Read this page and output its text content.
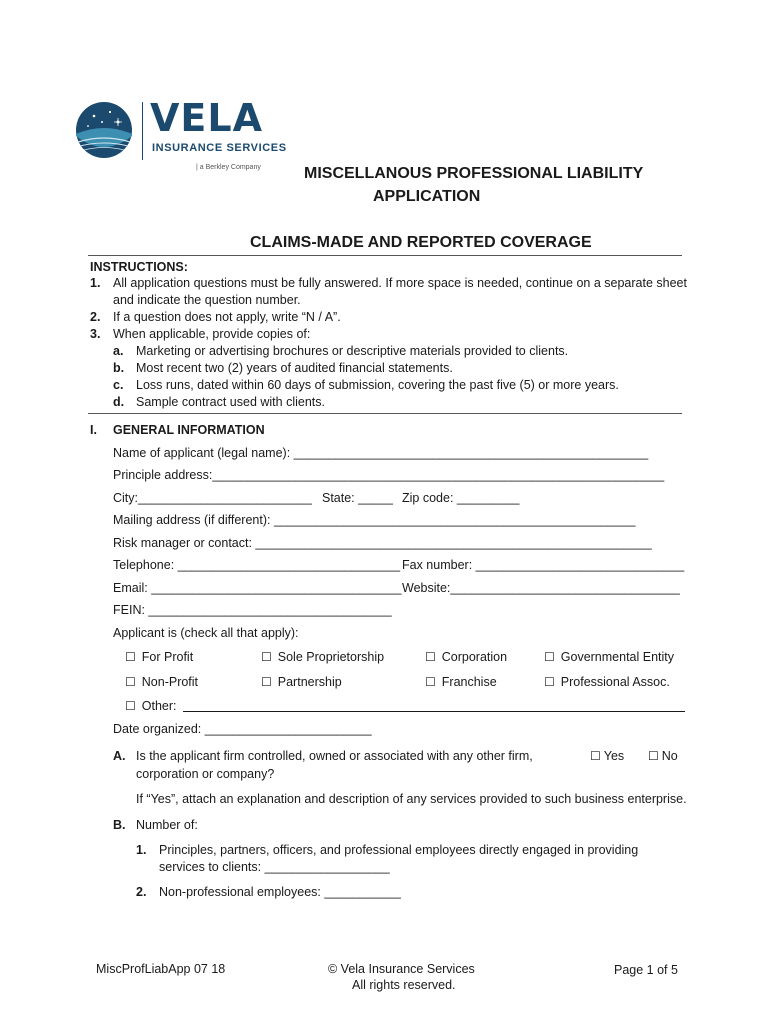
VELA
INSURANCE SERVICES
| a Berkley Company	MISCELLANOUS PROFESSIONAL LIABILITY
APPLICATION
CLAIMS-MADE AND REPORTED COVERAGE
INSTRUCTIONS:
1. All application questions must be fully answered. If more space is needed, continue on a separate sheet
and indicate the question number.
2. If a question does not apply, write “N / A”.
3. When applicable, provide copies of:
a. Marketing or advertising brochures or descriptive materials provided to clients.
b. Most recent two (2) years of audited financial statements.
c. Loss runs, dated within 60 days of submission, covering the past five (5) or more years.
d. Sample contract used with clients.
I. GENERAL INFORMATION
Name of applicant (legal name): ___________________________________________________
Principle address:_________________________________________________________________
City:_________________________ State: _____ Zip code: _________
Mailing address (if different): ____________________________________________________
Risk manager or contact: _________________________________________________________
Telephone: ________________________________ Fax number: ______________________________
Email: ____________________________________ Website:_________________________________
FEIN: ___________________________________
Applicant is (check all that apply):
☐ For Profit	☐ Sole Proprietorship	☐ Corporation	☐ Governmental Entity
☐ Non-Profit	☐ Partnership	☐ Franchise	☐ Professional Assoc.
☐ Other:
Date organized: ________________________
A. Is the applicant firm controlled, owned or associated with any other firm,
corporation or company?
☐ Yes ☐ No
If “Yes”, attach an explanation and description of any services provided to such business enterprise.
B. Number of:
1. Principles, partners, officers, and professional employees directly engaged in providing
services to clients: __________________
2. Non-professional employees: ___________
MiscProfLiabApp 07 18	© Vela Insurance Services
All rights reserved.
Page 1 of 5
